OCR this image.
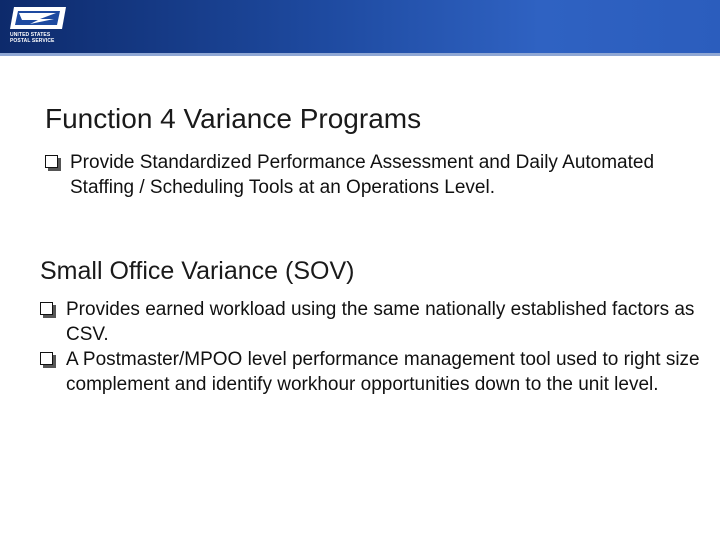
UNITED STATES
POSTAL SERVICE
Function 4 Variance Programs
Provide Standardized Performance Assessment and Daily Automated Staffing / Scheduling Tools at an Operations Level.
Small Office Variance (SOV)
Provides earned workload using the same nationally established factors as CSV.
A Postmaster/MPOO level performance management tool used to right size complement and identify workhour opportunities down to the unit level.
